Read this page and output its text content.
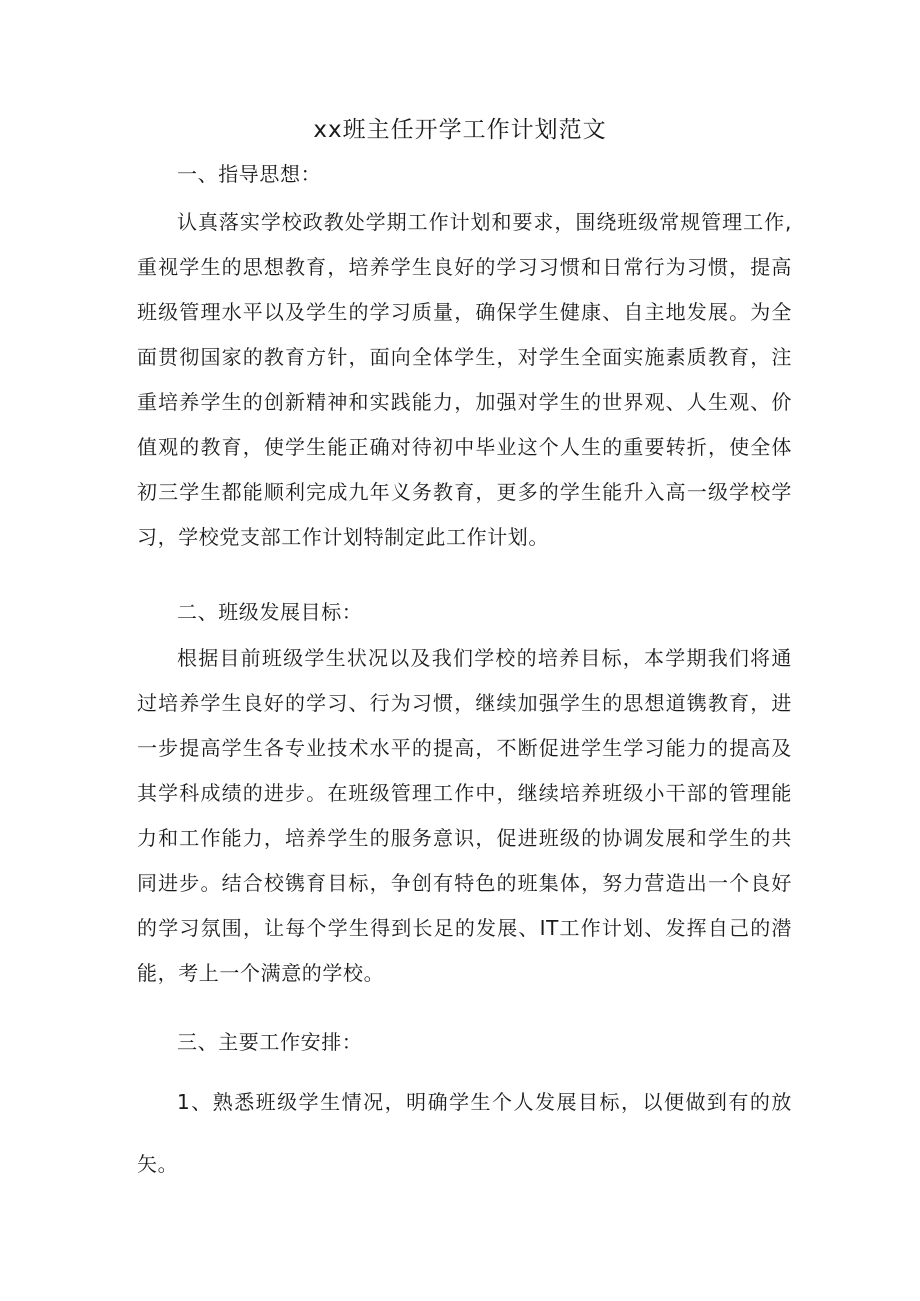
xx班主任开学工作计划范文

一、指导思想：

认真落实学校政教处学期工作计划和要求，围绕班级常规管理工作, 重视学生的思想教育，培养学生良好的学习习惯和日常行为习惯，提高班级管理水平以及学生的学习质量，确保学生健康、自主地发展。为全面贯彻国家的教育方针，面向全体学生，对学生全面实施素质教育，注重培养学生的创新精神和实践能力，加强对学生的世界观、人生观、价值观的教育，使学生能正确对待初中毕业这个人生的重要转折，使全体初三学生都能顺利完成九年义务教育，更多的学生能升入高一级学校学习，学校党支部工作计划特制定此工作计划。

二、班级发展目标：

根据目前班级学生状况以及我们学校的培养目标，本学期我们将通过培养学生良好的学习、行为习惯，继续加强学生的思想道镌教育，进一步提高学生各专业技术水平的提高，不断促进学生学习能力的提高及其学科成绩的进步。在班级管理工作中，继续培养班级小干部的管理能力和工作能力，培养学生的服务意识，促进班级的协调发展和学生的共同进步。结合校镌育目标，争创有特色的班集体，努力营造出一个良好的学习氛围，让每个学生得到长足的发展、IT工作计划、发挥自己的潜能，考上一个满意的学校。

三、主要工作安排：

1、熟悉班级学生情况，明确学生个人发展目标，以便做到有的放矢。
